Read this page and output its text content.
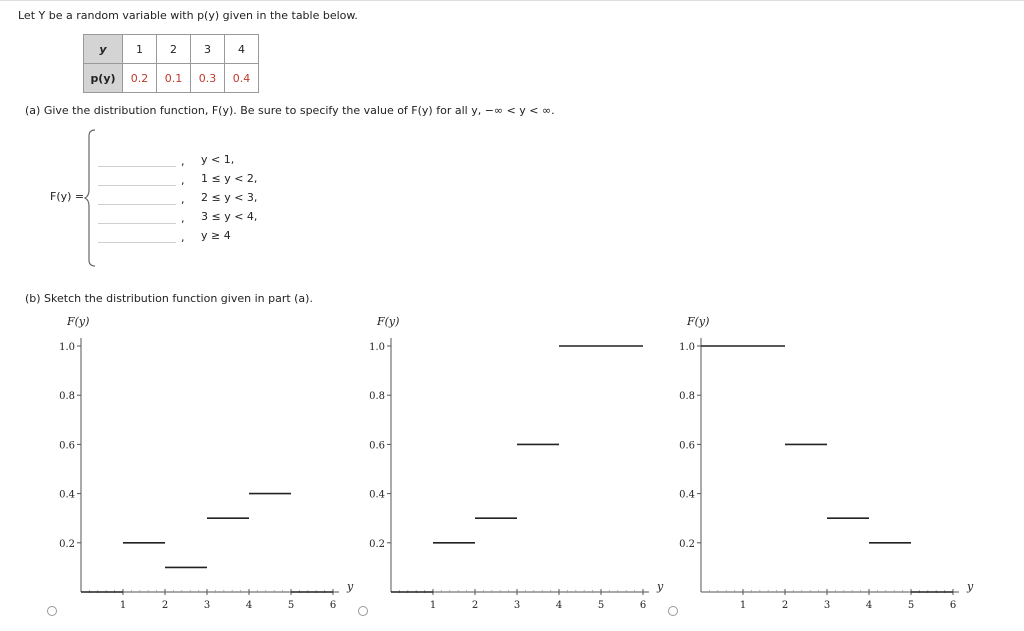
Let Y be a random variable with p(y) given in the table below.
y	1	2	3	4
p(y)	0.2	0.1	0.3	0.4
(a) Give the distribution function, F(y). Be sure to specify the value of F(y) for all y, −∞ < y < ∞.
F(y) =
, y < 1,
, 1 ≤ y < 2,
, 2 ≤ y < 3,
, 3 ≤ y < 4,
, y ≥ 4
(b) Sketch the distribution function given in part (a).
F(y)
y
1.0
0.8
0.6
0.4
0.2
1	2	3	4	5	6
F(y)
y
1.0
0.8
0.6
0.4
0.2
1	2	3	4	5	6
F(y)
y
1.0
0.8
0.6
0.4
0.2
1	2	3	4	5	6
